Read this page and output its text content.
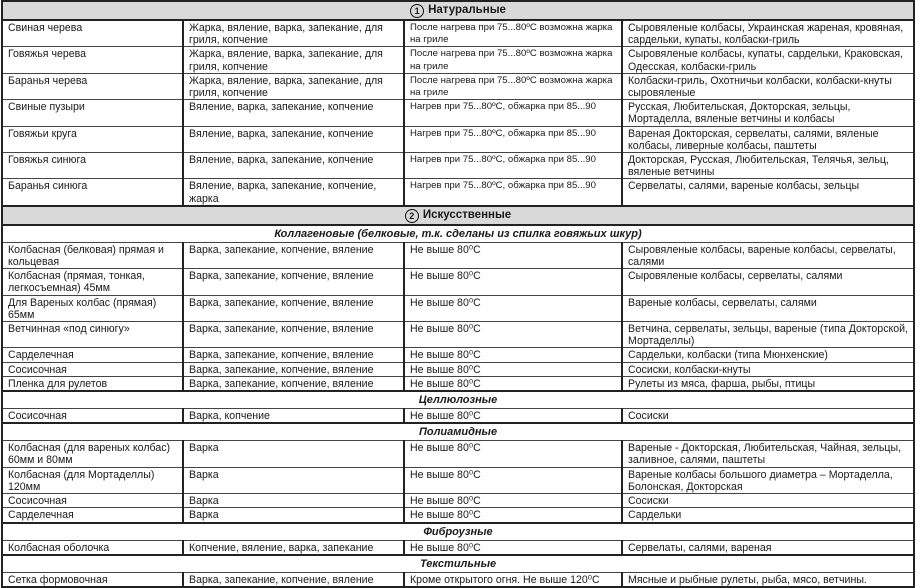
1 Натуральные			
Свиная черева	Жарка, вяление, варка, запекание, для гриля, копчение	После нагрева при 75...80ºC возможна жарка на гриле	Сыровяленые колбасы, Украинская жареная, кровяная, сардельки, купаты, колбаски-гриль
Говяжья черева	Жарка, вяление, варка, запекание, для гриля, копчение	После нагрева при 75...80ºC возможна жарка на гриле	Сыровяленые колбасы, купаты, сардельки, Краковская, Одесская, колбаски-гриль
Баранья черева	Жарка, вяление, варка, запекание, для гриля, копчение	После нагрева при 75...80ºC возможна жарка на гриле	Колбаски-гриль, Охотничьи колбаски, колбаски-кнуты сыровяленые
Свиные пузыри	Вяление, варка, запекание, копчение	Нагрев при 75...80ºC, обжарка при 85...90	Русская, Любительская, Докторская, зельцы, Мортаделла, вяленые ветчины и колбасы
Говяжьи круга	Вяление, варка, запекание, копчение	Нагрев при 75...80ºC, обжарка при 85...90	Вареная Докторская, сервелаты, салями, вяленые колбасы, ливерные колбасы, паштеты
Говяжья синюга	Вяление, варка, запекание, копчение	Нагрев при 75...80ºC, обжарка при 85...90	Докторская, Русская, Любительская, Телячья, зельц, вяленые ветчины
Баранья синюга	Вяление, варка, запекание, копчение, жарка	Нагрев при 75...80ºC, обжарка при 85...90	Сервелаты, салями, вареные колбасы, зельцы
2 Искусственные			
Коллагеновые (белковые, т.к. сделаны из спилка говяжьих шкур)			
Колбасная (белковая) прямая и кольцевая	Варка, запекание, копчение, вяление	Не выше 80⁰C	Сыровяленые колбасы, вареные колбасы, сервелаты, салями
Колбасная (прямая, тонкая, легкосъемная) 45мм	Варка, запекание, копчение, вяление	Не выше 80⁰C	Сыровяленые колбасы, сервелаты, салями
Для Вареных колбас (прямая) 65мм	Варка, запекание, копчение, вяление	Не выше 80⁰C	Вареные колбасы, сервелаты, салями
Ветчинная «под синюгу»	Варка, запекание, копчение, вяление	Не выше 80⁰C	Ветчина, сервелаты, зельцы, вареные (типа Докторской, Мортаделлы)
Сарделечная	Варка, запекание, копчение, вяление	Не выше 80⁰C	Сардельки, колбаски (типа Мюнхенские)
Сосисочная	Варка, запекание, копчение, вяление	Не выше 80⁰C	Сосиски, колбаски-кнуты
Пленка для рулетов	Варка, запекание, копчение, вяление	Не выше 80⁰C	Рулеты из мяса, фарша, рыбы, птицы
Целлюлозные			
Сосисочная	Варка, копчение	Не выше 80⁰C	Сосиски
Полиамидные			
Колбасная (для вареных колбас) 60мм и 80мм	Варка	Не выше 80⁰C	Вареные - Докторская, Любительская, Чайная, зельцы, заливное, салями, паштеты
Колбасная (для Мортаделлы) 120мм	Варка	Не выше 80⁰C	Вареные колбасы большого диаметра – Мортаделла, Болонская, Докторская
Сосисочная	Варка	Не выше 80⁰C	Сосиски
Сарделечная	Варка	Не выше 80⁰C	Сардельки
Фиброузные			
Колбасная оболочка	Копчение, вяление, варка, запекание	Не выше 80⁰C	Сервелаты, салями, вареная
Текстильные			
Сетка формовочная	Варка, запекание, копчение, вяление	Кроме открытого огня. Не выше 120⁰C	Мясные и рыбные рулеты, рыба, мясо, ветчины.
